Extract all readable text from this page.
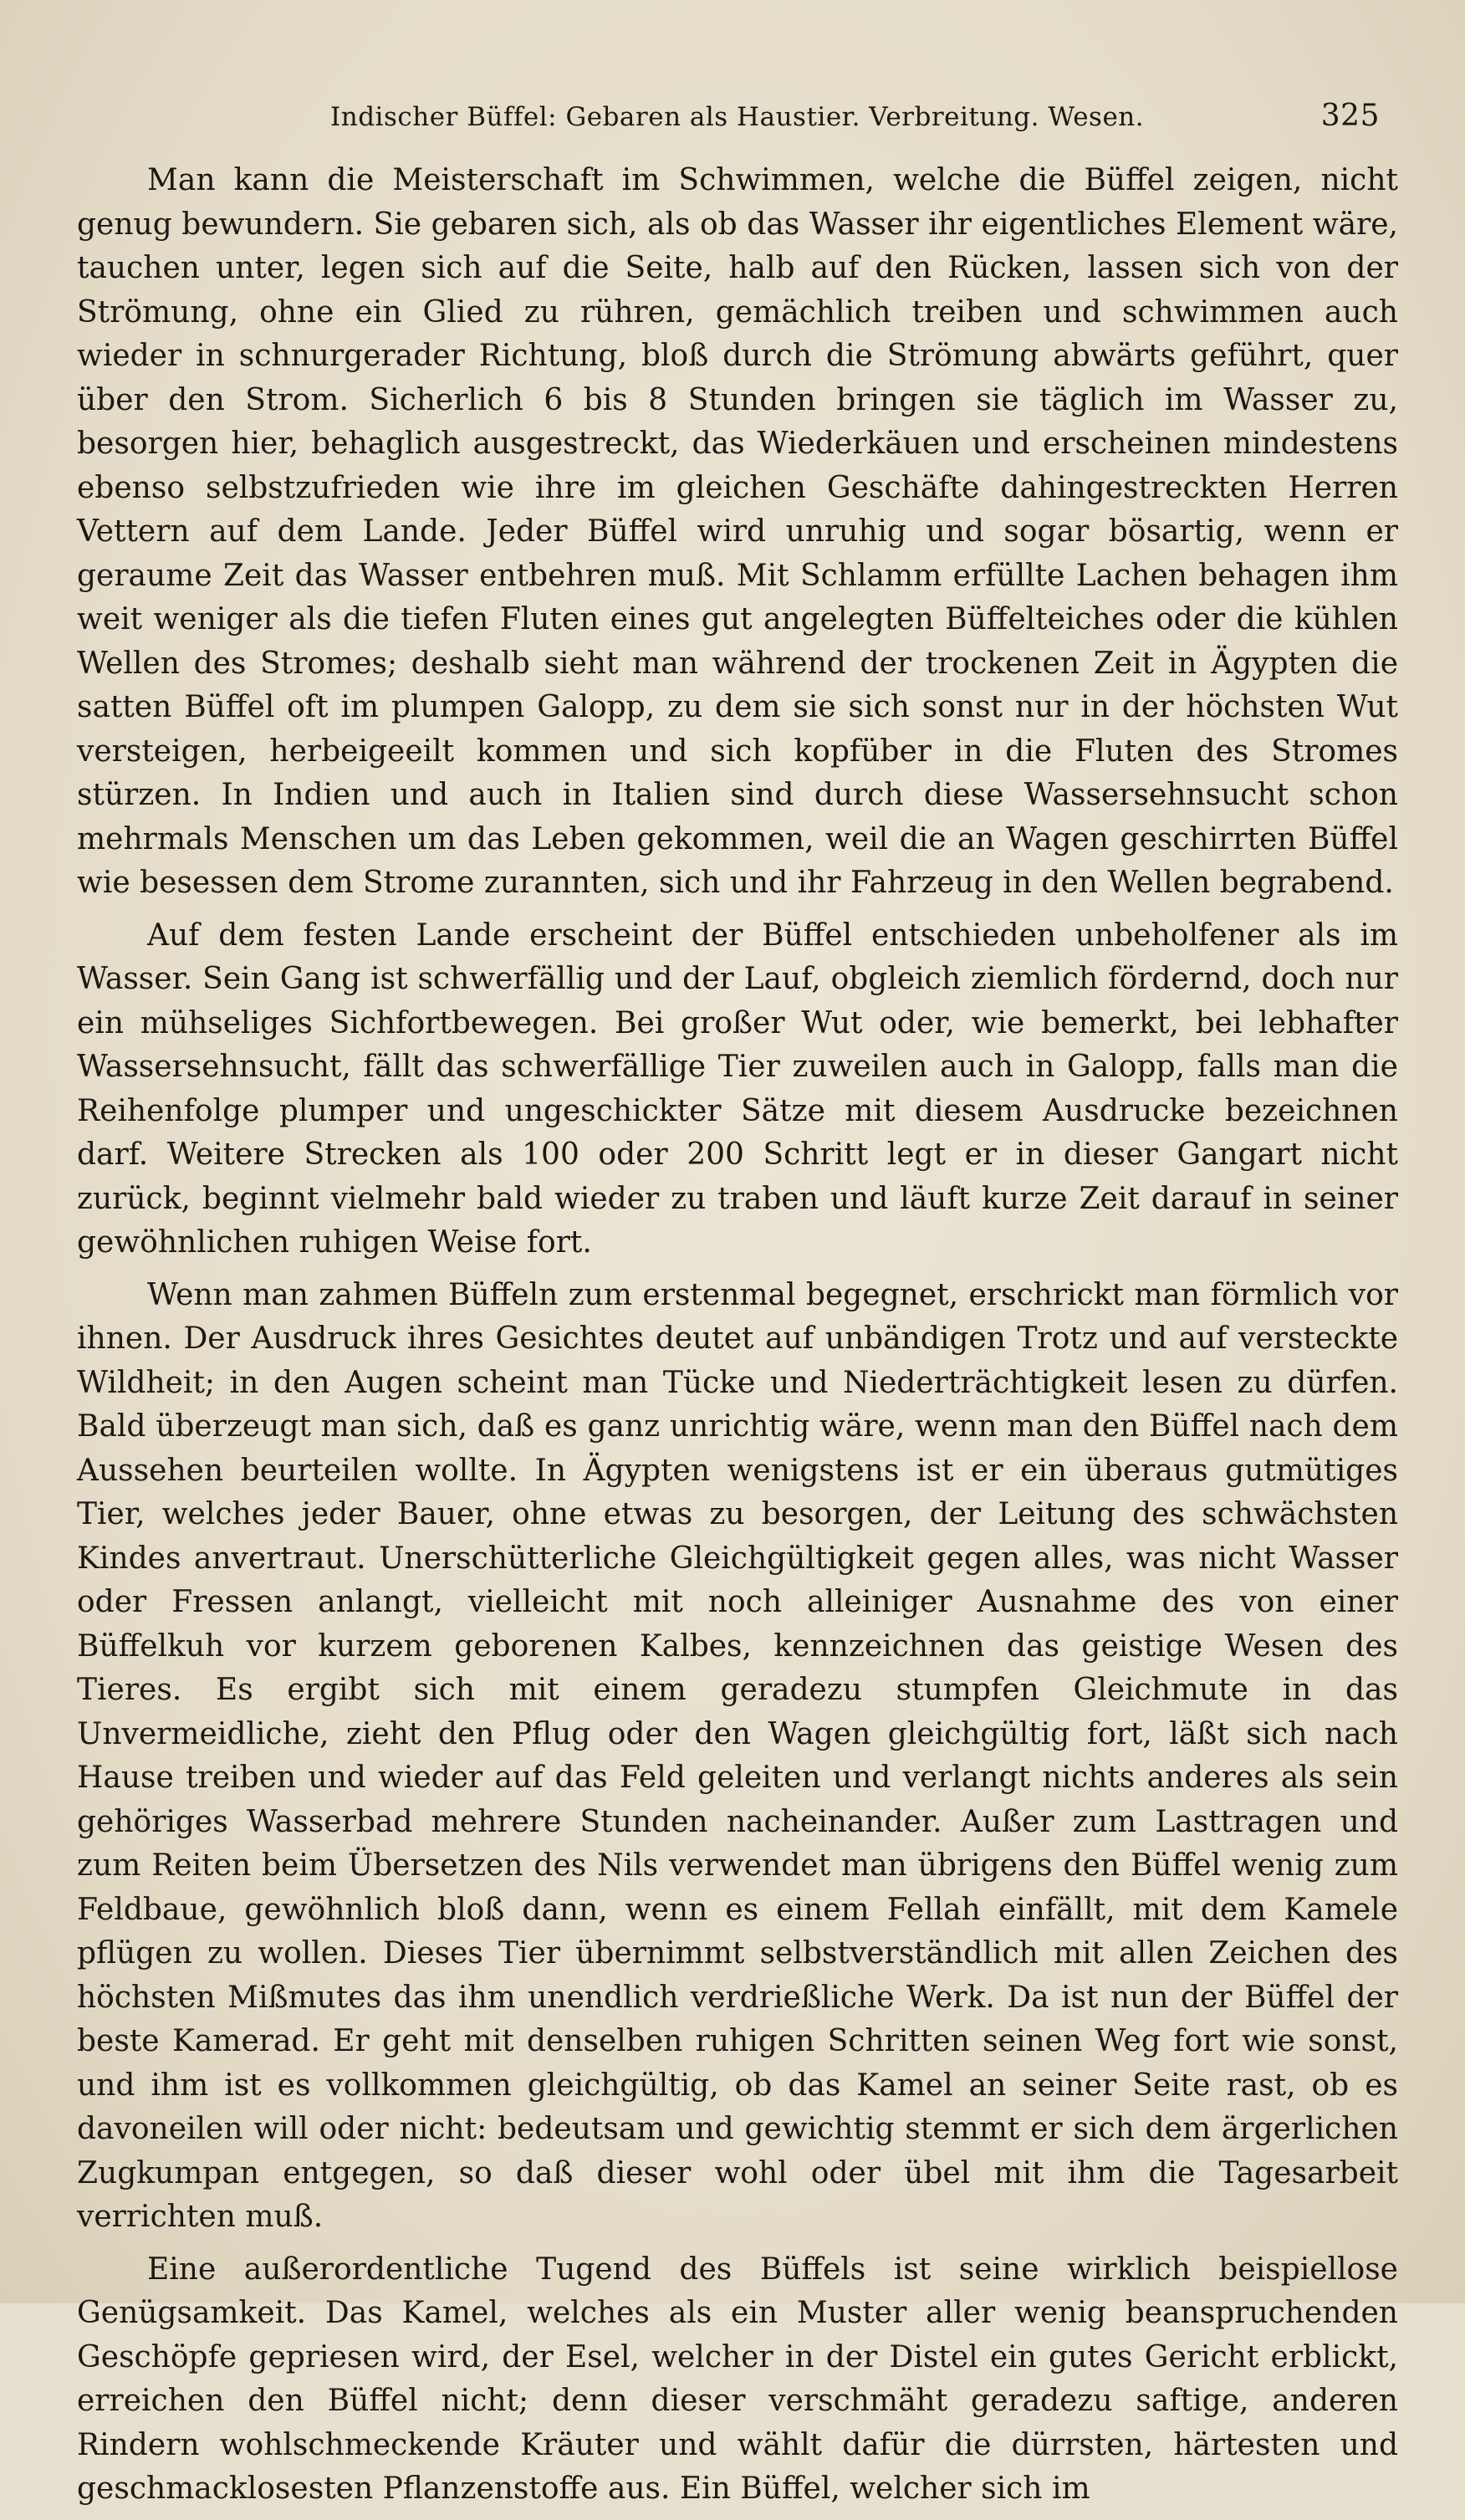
Indischer Büffel: Gebaren als Haustier. Verbreitung. Wesen.	325

Man kann die Meisterschaft im Schwimmen, welche die Büffel zeigen, nicht genug bewundern. Sie gebaren sich, als ob das Wasser ihr eigentliches Element wäre, tauchen unter, legen sich auf die Seite, halb auf den Rücken, lassen sich von der Strömung, ohne ein Glied zu rühren, gemächlich treiben und schwimmen auch wieder in schnurgerader Richtung, bloß durch die Strömung abwärts geführt, quer über den Strom. Sicherlich 6 bis 8 Stunden bringen sie täglich im Wasser zu, besorgen hier, behaglich ausgestreckt, das Wiederkäuen und erscheinen mindestens ebenso selbstzufrieden wie ihre im gleichen Geschäfte dahingestreckten Herren Vettern auf dem Lande. Jeder Büffel wird unruhig und sogar bösartig, wenn er geraume Zeit das Wasser entbehren muß. Mit Schlamm erfüllte Lachen behagen ihm weit weniger als die tiefen Fluten eines gut angelegten Büffelteiches oder die kühlen Wellen des Stromes; deshalb sieht man während der trockenen Zeit in Ägypten die satten Büffel oft im plumpen Galopp, zu dem sie sich sonst nur in der höchsten Wut versteigen, herbeigeeilt kommen und sich kopfüber in die Fluten des Stromes stürzen. In Indien und auch in Italien sind durch diese Wassersehnsucht schon mehrmals Menschen um das Leben gekommen, weil die an Wagen geschirrten Büffel wie besessen dem Strome zurannten, sich und ihr Fahrzeug in den Wellen begrabend.

Auf dem festen Lande erscheint der Büffel entschieden unbeholfener als im Wasser. Sein Gang ist schwerfällig und der Lauf, obgleich ziemlich fördernd, doch nur ein mühseliges Sichfortbewegen. Bei großer Wut oder, wie bemerkt, bei lebhafter Wassersehnsucht, fällt das schwerfällige Tier zuweilen auch in Galopp, falls man die Reihenfolge plumper und ungeschickter Sätze mit diesem Ausdrucke bezeichnen darf. Weitere Strecken als 100 oder 200 Schritt legt er in dieser Gangart nicht zurück, beginnt vielmehr bald wieder zu traben und läuft kurze Zeit darauf in seiner gewöhnlichen ruhigen Weise fort.

Wenn man zahmen Büffeln zum erstenmal begegnet, erschrickt man förmlich vor ihnen. Der Ausdruck ihres Gesichtes deutet auf unbändigen Trotz und auf versteckte Wildheit; in den Augen scheint man Tücke und Niederträchtigkeit lesen zu dürfen. Bald überzeugt man sich, daß es ganz unrichtig wäre, wenn man den Büffel nach dem Aussehen beurteilen wollte. In Ägypten wenigstens ist er ein überaus gutmütiges Tier, welches jeder Bauer, ohne etwas zu besorgen, der Leitung des schwächsten Kindes anvertraut. Unerschütterliche Gleichgültigkeit gegen alles, was nicht Wasser oder Fressen anlangt, vielleicht mit noch alleiniger Ausnahme des von einer Büffelkuh vor kurzem geborenen Kalbes, kennzeichnen das geistige Wesen des Tieres. Es ergibt sich mit einem geradezu stumpfen Gleichmute in das Unvermeidliche, zieht den Pflug oder den Wagen gleichgültig fort, läßt sich nach Hause treiben und wieder auf das Feld geleiten und verlangt nichts anderes als sein gehöriges Wasserbad mehrere Stunden nacheinander. Außer zum Lasttragen und zum Reiten beim Übersetzen des Nils verwendet man übrigens den Büffel wenig zum Feldbaue, gewöhnlich bloß dann, wenn es einem Fellah einfällt, mit dem Kamele pflügen zu wollen. Dieses Tier übernimmt selbstverständlich mit allen Zeichen des höchsten Mißmutes das ihm unendlich verdrießliche Werk. Da ist nun der Büffel der beste Kamerad. Er geht mit denselben ruhigen Schritten seinen Weg fort wie sonst, und ihm ist es vollkommen gleichgültig, ob das Kamel an seiner Seite rast, ob es davoneilen will oder nicht: bedeutsam und gewichtig stemmt er sich dem ärgerlichen Zugkumpan entgegen, so daß dieser wohl oder übel mit ihm die Tagesarbeit verrichten muß.

Eine außerordentliche Tugend des Büffels ist seine wirklich beispiellose Genügsamkeit. Das Kamel, welches als ein Muster aller wenig beanspruchenden Geschöpfe gepriesen wird, der Esel, welcher in der Distel ein gutes Gericht erblickt, erreichen den Büffel nicht; denn dieser verschmäht geradezu saftige, anderen Rindern wohlschmeckende Kräuter und wählt dafür die dürrsten, härtesten und geschmacklosesten Pflanzenstoffe aus. Ein Büffel, welcher sich im
